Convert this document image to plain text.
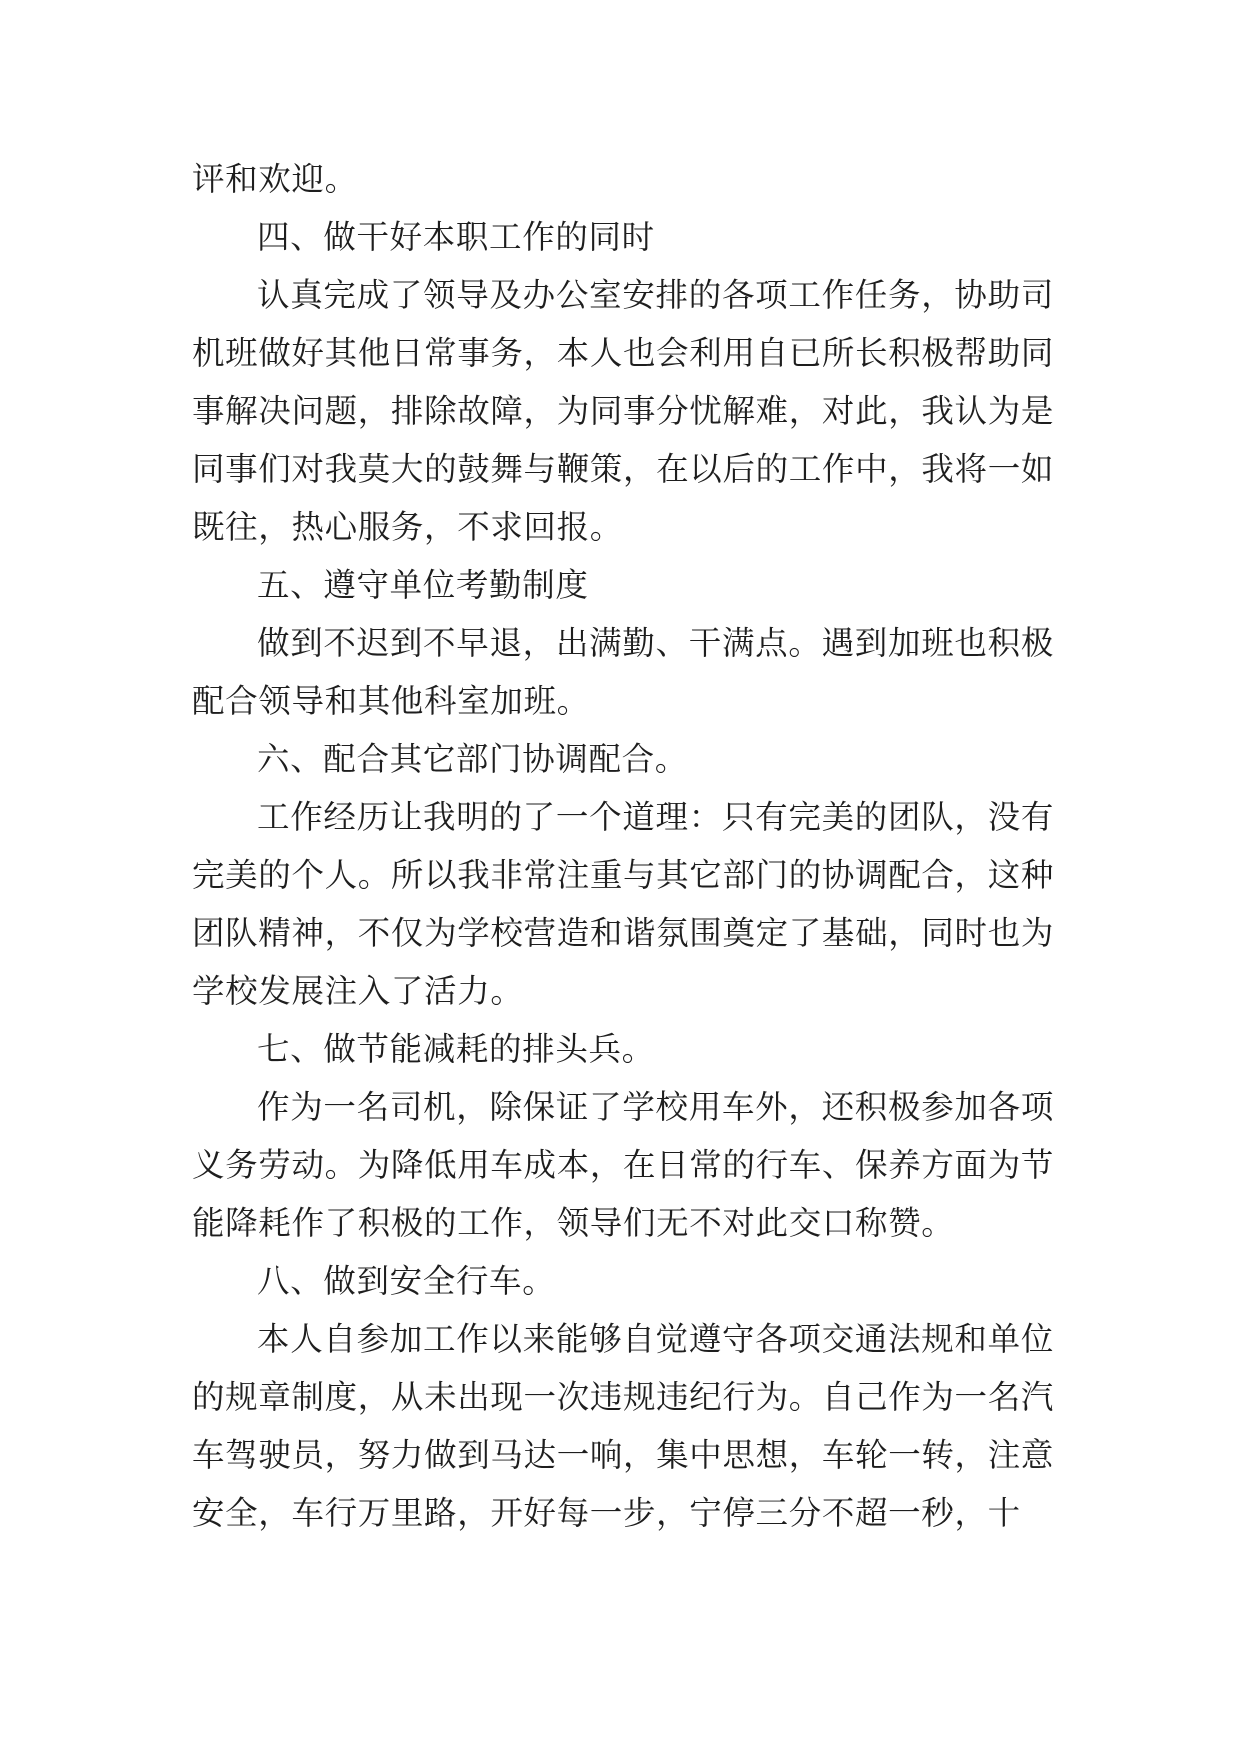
评和欢迎。

四、做干好本职工作的同时

认真完成了领导及办公室安排的各项工作任务，协助司机班做好其他日常事务，本人也会利用自已所长积极帮助同事解决问题，排除故障，为同事分忧解难，对此，我认为是同事们对我莫大的鼓舞与鞭策，在以后的工作中，我将一如既往，热心服务，不求回报。

五、遵守单位考勤制度

做到不迟到不早退，出满勤、干满点。遇到加班也积极配合领导和其他科室加班。

六、配合其它部门协调配合。

工作经历让我明的了一个道理：只有完美的团队，没有完美的个人。所以我非常注重与其它部门的协调配合，这种团队精神，不仅为学校营造和谐氛围奠定了基础，同时也为学校发展注入了活力。

七、做节能减耗的排头兵。

作为一名司机，除保证了学校用车外，还积极参加各项义务劳动。为降低用车成本，在日常的行车、保养方面为节能降耗作了积极的工作，领导们无不对此交口称赞。

八、做到安全行车。

本人自参加工作以来能够自觉遵守各项交通法规和单位的规章制度，从未出现一次违规违纪行为。自己作为一名汽车驾驶员，努力做到马达一响，集中思想，车轮一转，注意安全，车行万里路，开好每一步，宁停三分不超一秒，十
